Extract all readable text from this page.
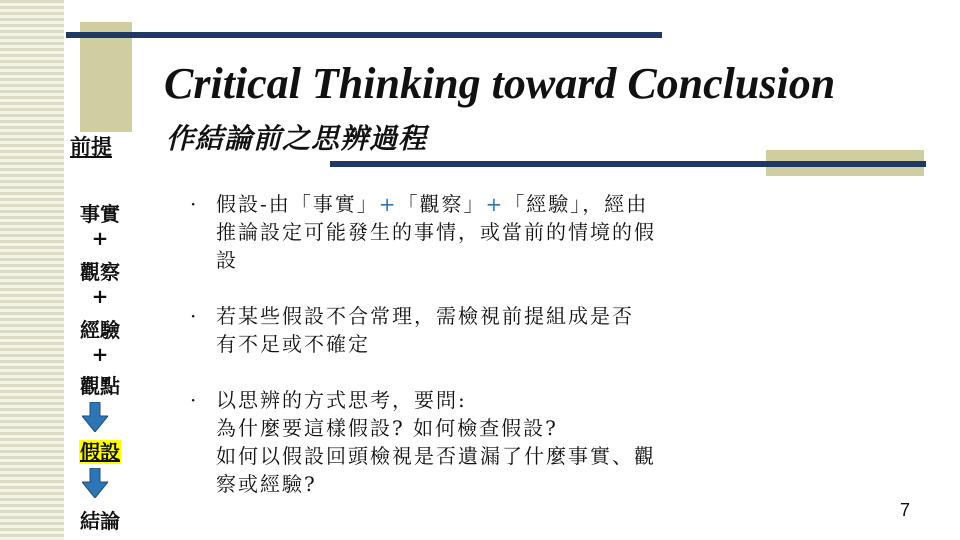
Critical Thinking toward Conclusion
作結論前之思辨過程
前提
事實
+
觀察
+
經驗
+
觀點
假設
結論
· 假設-由「事實」+「觀察」+「經驗」，經由
推論設定可能發生的事情，或當前的情境的假
設
· 若某些假設不合常理，需檢視前提組成是否
有不足或不確定
· 以思辨的方式思考，要問:
為什麼要這樣假設? 如何檢查假設?
如何以假設回頭檢視是否遺漏了什麼事實、觀
察或經驗?
7
